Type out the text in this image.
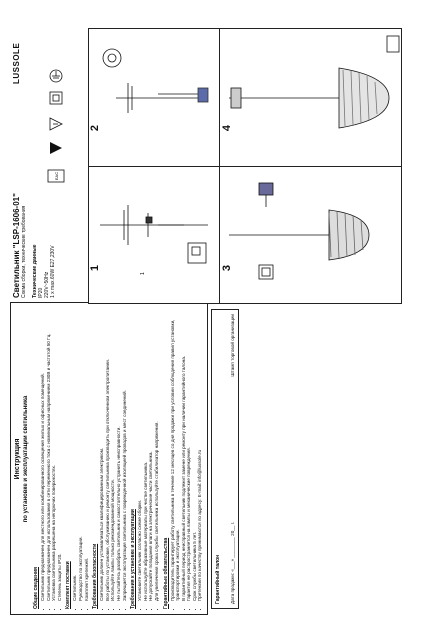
Инструкция по установке и эксплуатации светильника
Общие сведения • Светильник предназначен для местного или комбинированного освещения жилых и офисных помещений. • Светильник предназначен для использования в сети переменного тока с номинальным напряжением 230В и частотой 50 Гц. • Установка светильника разрешена на негорючих поверхностях. • Степень защиты IP20. Комплект поставки • Светильник. • Руководство по эксплуатации. • Комплект крепежей. Требования безопасности • Светильник должен устанавливаться квалифицированным электриком. • Все работы по установке, обслуживанию и ремонту светильника производить при отключенном электропитании. • Используйте лампы только рекомендованной мощности. • Не пытайтесь разобрать светильник и самостоятельно устранить неисправности. • Запрещается эксплуатация светильника с поврежденной изоляцией проводов и мест соединений. Требования к установке и эксплуатации • Установите светильник согласно схеме сборки. • Не используйте абразивные материалы при чистке светильника. • Не допускайте попадания влаги на электрические части светильника. • Для увеличения срока службы светильника используйте стабилизатор напряжения. Гарантийные обязательства • Производитель гарантирует работу светильника в течение 12 месяцев со дня продажи при условии соблюдения правил установки, транспортировки и эксплуатации. • В гарантийный период неисправный светильник подлежит замене или ремонту при наличии гарантийного талона. • Гарантия не распространяется на лампы и механические повреждения. • Срок службы светильника 5 лет. • Претензии по качеству принимаются по адресу: E-mail: info@lussole.ru	Гарантийный талон Дата продажи: «___» ________ 20__ г.
Штамп торговой организации
Светильник "LSP-1606-01" Схема сборки, технические требования
LUSSOLE
Технические данные IP20 220V~50Hz 1 x max.60W E27,230V
EAC
1
2
3
4
1
